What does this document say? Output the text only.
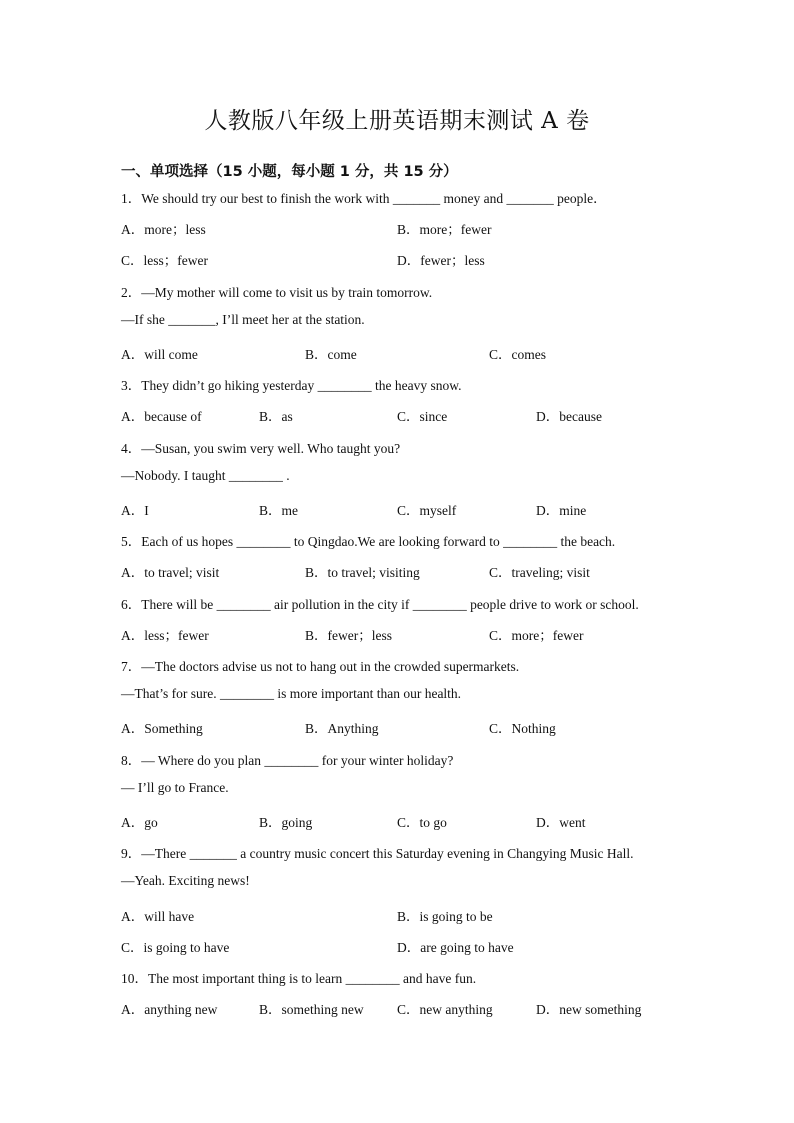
人教版八年级上册英语期末测试 A 卷
一、单项选择（15 小题，每小题 1 分，共 15 分）
1．We should try our best to finish the work with _______ money and _______ people．
A．more；less	B．more；fewer
C．less；fewer	D．fewer；less
2．—My mother will come to visit us by train tomorrow.
—If she _______, I’ll meet her at the station.
A．will come	B．come	C．comes
3．They didn’t go hiking yesterday ________ the heavy snow.
A．because of	B．as	C．since	D．because
4．—Susan, you swim very well. Who taught you?
—Nobody. I taught ________ .
A．I	B．me	C．myself	D．mine
5．Each of us hopes ________ to Qingdao.We are looking forward to ________ the beach.
A．to travel; visit	B．to travel; visiting	C．traveling; visit
6．There will be ________ air pollution in the city if ________ people drive to work or school.
A．less；fewer	B．fewer；less	C．more；fewer
7．—The doctors advise us not to hang out in the crowded supermarkets.
—That’s for sure. ________ is more important than our health.
A．Something	B．Anything	C．Nothing
8．— Where do you plan ________ for your winter holiday?
— I’ll go to France.
A．go	B．going	C．to go	D．went
9．—There _______ a country music concert this Saturday evening in Changying Music Hall.
—Yeah. Exciting news!
A．will have	B．is going to be
C．is going to have	D．are going to have
10．The most important thing is to learn ________ and have fun.
A．anything new	B．something new C．new anything	D．new something
